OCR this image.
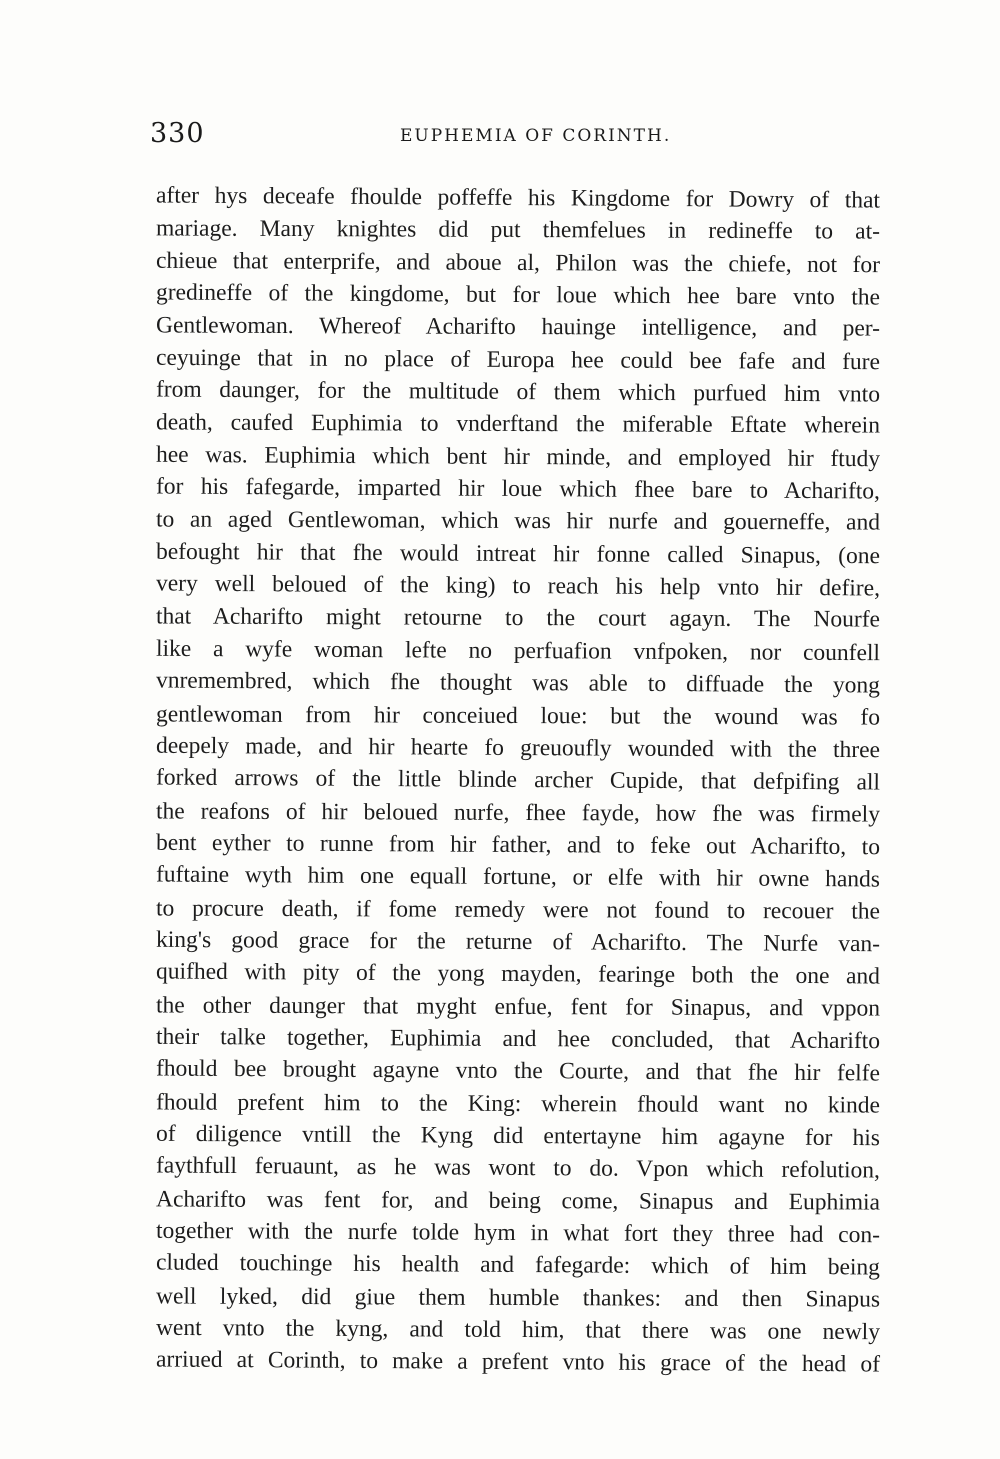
330	EUPHEMIA OF CORINTH.
after hys deceafe fhoulde poffeffe his Kingdome for Dowry of that
mariage. Many knightes did put themfelues in redineffe to at-
chieue that enterprife, and aboue al, Philon was the chiefe, not for
gredineffe of the kingdome, but for loue which hee bare vnto the
Gentlewoman. Whereof Acharifto hauinge intelligence, and per-
ceyuinge that in no place of Europa hee could bee fafe and fure
from daunger, for the multitude of them which purfued him vnto
death, caufed Euphimia to vnderftand the miferable Eftate wherein
hee was. Euphimia which bent hir minde, and employed hir ftudy
for his fafegarde, imparted hir loue which fhee bare to Acharifto,
to an aged Gentlewoman, which was hir nurfe and gouerneffe, and
befought hir that fhe would intreat hir fonne called Sinapus, (one
very well beloued of the king) to reach his help vnto hir defire,
that Acharifto might retourne to the court agayn. The Nourfe
like a wyfe woman lefte no perfuafion vnfpoken, nor counfell
vnremembred, which fhe thought was able to diffuade the yong
gentlewoman from hir conceiued loue: but the wound was fo
deepely made, and hir hearte fo greuoufly wounded with the three
forked arrows of the little blinde archer Cupide, that defpifing all
the reafons of hir beloued nurfe, fhee fayde, how fhe was firmely
bent eyther to runne from hir father, and to feke out Acharifto, to
fuftaine wyth him one equall fortune, or elfe with hir owne hands
to procure death, if fome remedy were not found to recouer the
king's good grace for the returne of Acharifto. The Nurfe van-
quifhed with pity of the yong mayden, fearinge both the one and
the other daunger that myght enfue, fent for Sinapus, and vppon
their talke together, Euphimia and hee concluded, that Acharifto
fhould bee brought agayne vnto the Courte, and that fhe hir felfe
fhould prefent him to the King: wherein fhould want no kinde
of diligence vntill the Kyng did entertayne him agayne for his
faythfull feruaunt, as he was wont to do. Vpon which refolution,
Acharifto was fent for, and being come, Sinapus and Euphimia
together with the nurfe tolde hym in what fort they three had con-
cluded touchinge his health and fafegarde: which of him being
well lyked, did giue them humble thankes: and then Sinapus
went vnto the kyng, and told him, that there was one newly
arriued at Corinth, to make a prefent vnto his grace of the head of
